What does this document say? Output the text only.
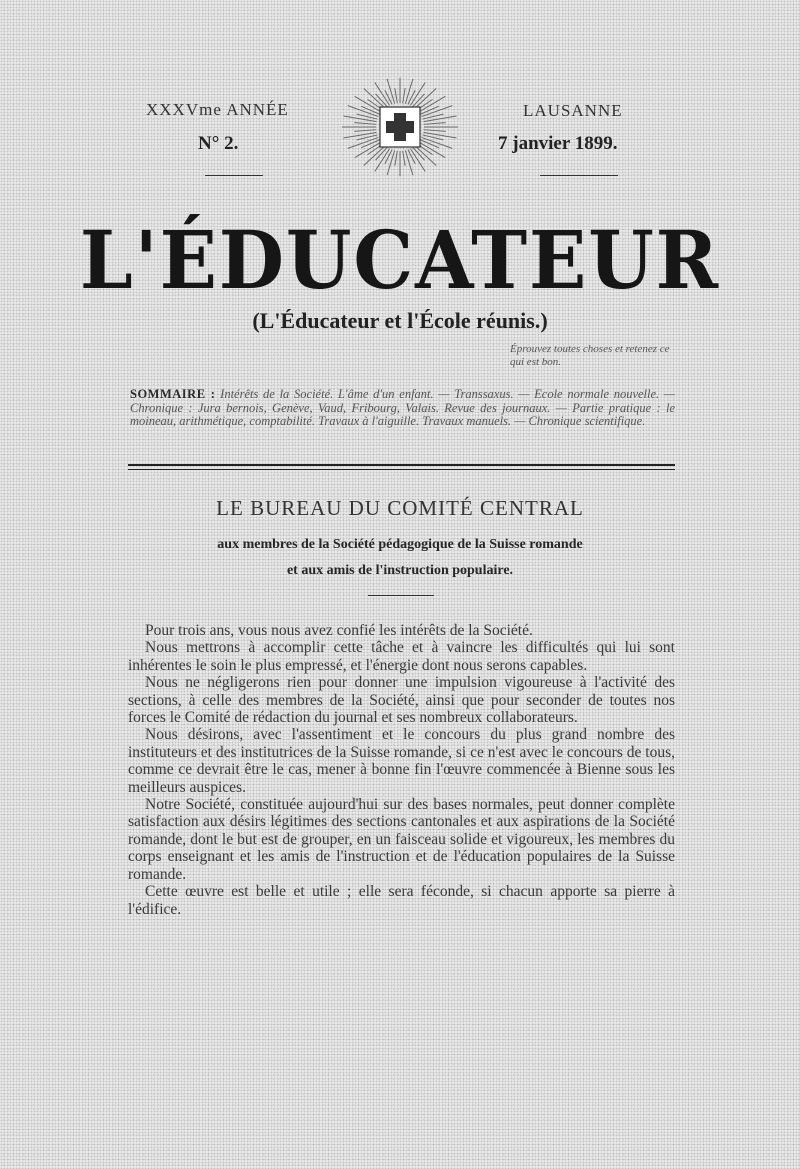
XXXVme ANNÉE	LAUSANNE
N° 2.	7 janvier 1899.
L'ÉDUCATEUR
(L'Éducateur et l'École réunis.)
Éprouvez toutes choses et retenez ce qui est bon.
SOMMAIRE : Intérêts de la Société. L'âme d'un enfant. — Transsaxus. — Ecole normale nouvelle. — Chronique : Jura bernois, Genève, Vaud, Fribourg, Valais. Revue des journaux. — Partie pratique : le moineau, arithmétique, comptabilité. Travaux à l'aiguille. Travaux manuels. — Chronique scientifique.
LE BUREAU DU COMITÉ CENTRAL
aux membres de la Société pédagogique de la Suisse romande
et aux amis de l'instruction populaire.

Pour trois ans, vous nous avez confié les intérêts de la Société.

Nous mettrons à accomplir cette tâche et à vaincre les difficultés qui lui sont inhérentes le soin le plus empressé, et l'énergie dont nous serons capables.

Nous ne négligerons rien pour donner une impulsion vigoureuse à l'activité des sections, à celle des membres de la Société, ainsi que pour seconder de toutes nos forces le Comité de rédaction du journal et ses nombreux collaborateurs.

Nous désirons, avec l'assentiment et le concours du plus grand nombre des instituteurs et des institutrices de la Suisse romande, si ce n'est avec le concours de tous, comme ce devrait être le cas, mener à bonne fin l'œuvre commencée à Bienne sous les meilleurs auspices.

Notre Société, constituée aujourd'hui sur des bases normales, peut donner complète satisfaction aux désirs légitimes des sections cantonales et aux aspirations de la Société romande, dont le but est de grouper, en un faisceau solide et vigoureux, les membres du corps enseignant et les amis de l'instruction et de l'éducation populaires de la Suisse romande.

Cette œuvre est belle et utile ; elle sera féconde, si chacun apporte sa pierre à l'édifice.
